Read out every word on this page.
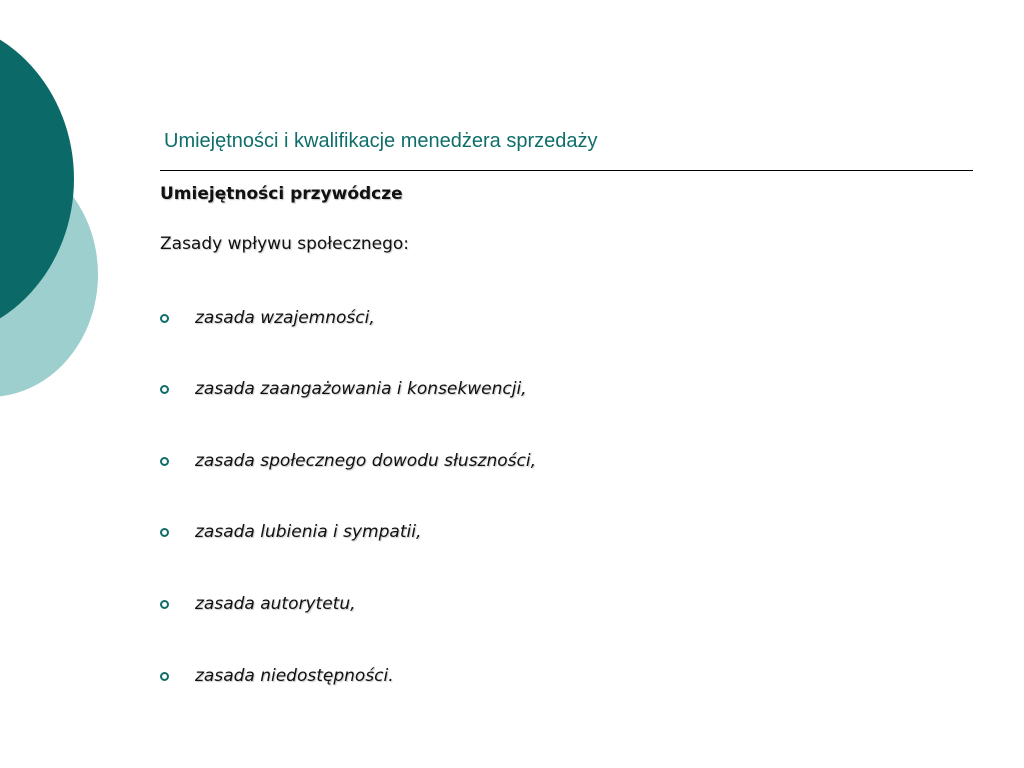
Umiejętności i kwalifikacje menedżera sprzedaży
Umiejętności przywódcze
Zasady wpływu społecznego:
zasada wzajemności,
zasada zaangażowania i konsekwencji,
zasada społecznego dowodu słuszności,
zasada lubienia i sympatii,
zasada autorytetu,
zasada niedostępności.
